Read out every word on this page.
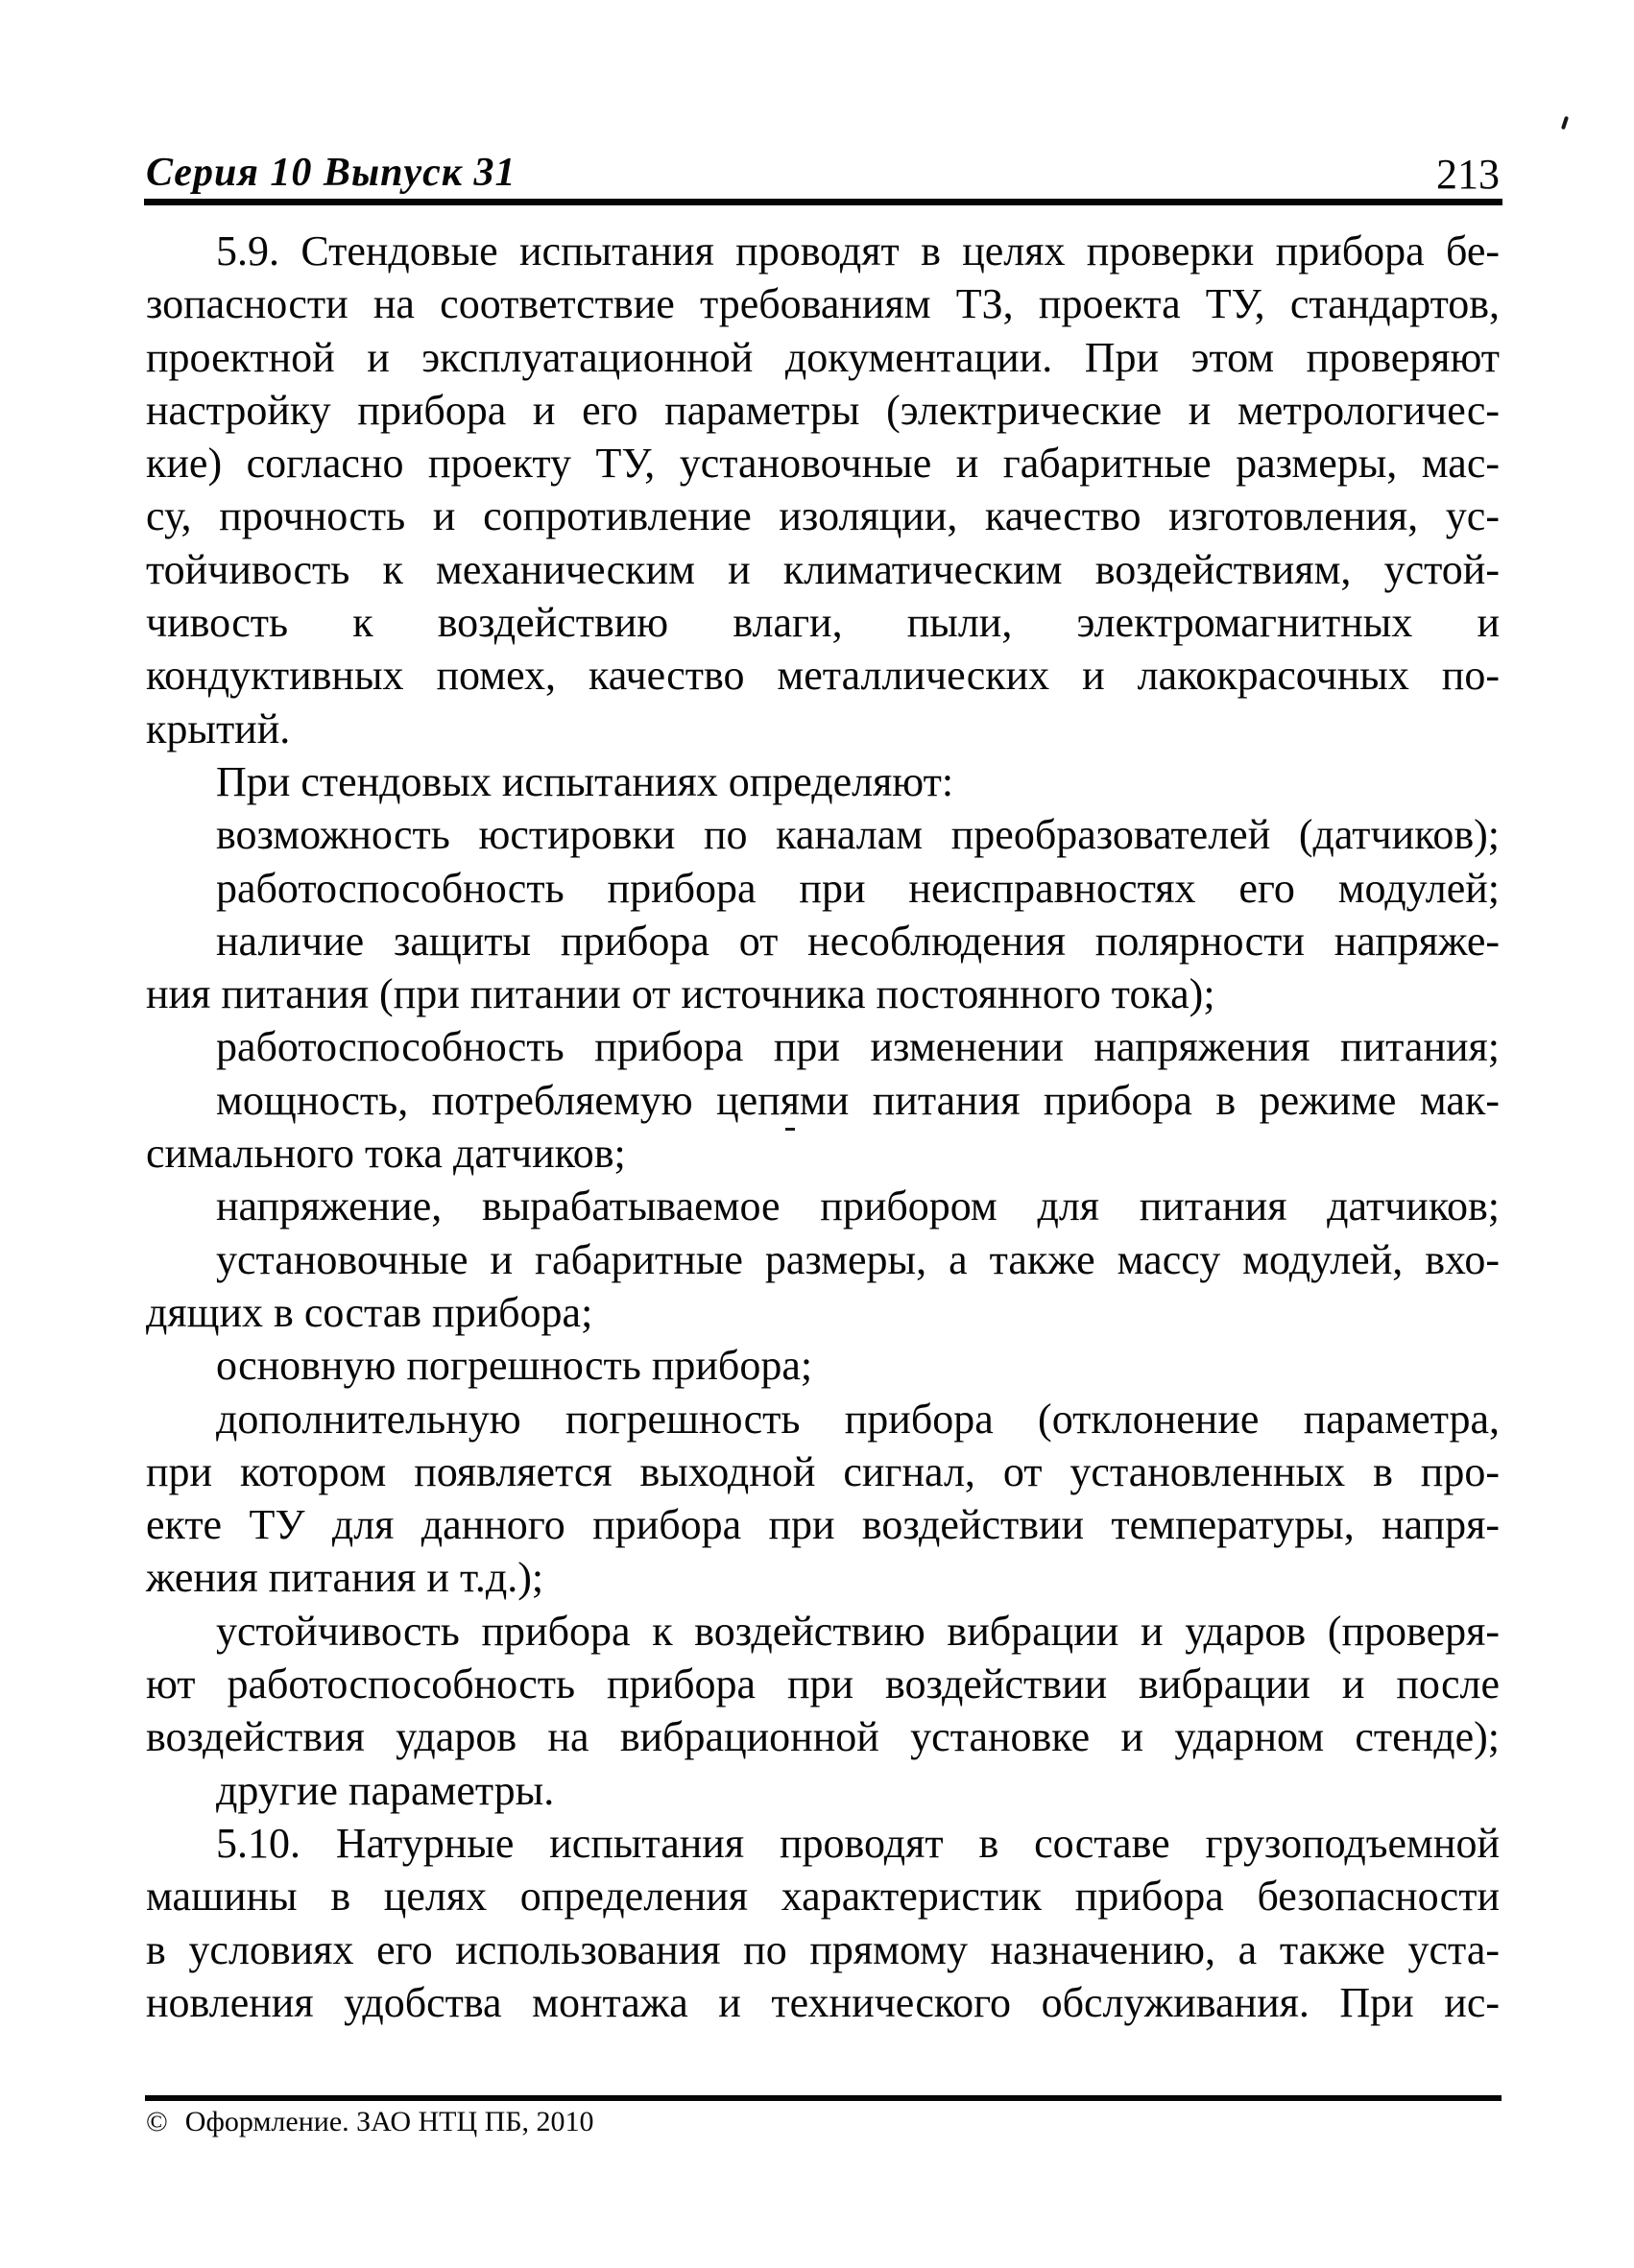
Серия 10 Выпуск 31	213
5.9. Стендовые испытания проводят в целях проверки прибора бе-
зопасности на соответствие требованиям ТЗ, проекта ТУ, стандартов,
проектной и эксплуатационной документации. При этом проверяют
настройку прибора и его параметры (электрические и метрологичес-
кие) согласно проекту ТУ, установочные и габаритные размеры, мас-
су, прочность и сопротивление изоляции, качество изготовления, ус-
тойчивость к механическим и климатическим воздействиям, устой-
чивость к воздействию влаги, пыли, электромагнитных и
кондуктивных помех, качество металлических и лакокрасочных по-
крытий.
При стендовых испытаниях определяют:
возможность юстировки по каналам преобразователей (датчиков);
работоспособность прибора при неисправностях его модулей;
наличие защиты прибора от несоблюдения полярности напряже-
ния питания (при питании от источника постоянного тока);
работоспособность прибора при изменении напряжения питания;
мощность, потребляемую цепями питания прибора в режиме мак-
симального тока датчиков;
напряжение, вырабатываемое прибором для питания датчиков;
установочные и габаритные размеры, а также массу модулей, вхо-
дящих в состав прибора;
основную погрешность прибора;
дополнительную погрешность прибора (отклонение параметра,
при котором появляется выходной сигнал, от установленных в про-
екте ТУ для данного прибора при воздействии температуры, напря-
жения питания и т.д.);
устойчивость прибора к воздействию вибрации и ударов (проверя-
ют работоспособность прибора при воздействии вибрации и после
воздействия ударов на вибрационной установке и ударном стенде);
другие параметры.
5.10. Натурные испытания проводят в составе грузоподъемной
машины в целях определения характеристик прибора безопасности
в условиях его использования по прямому назначению, а также уста-
новления удобства монтажа и технического обслуживания. При ис-
© Оформление. ЗАО НТЦ ПБ, 2010
